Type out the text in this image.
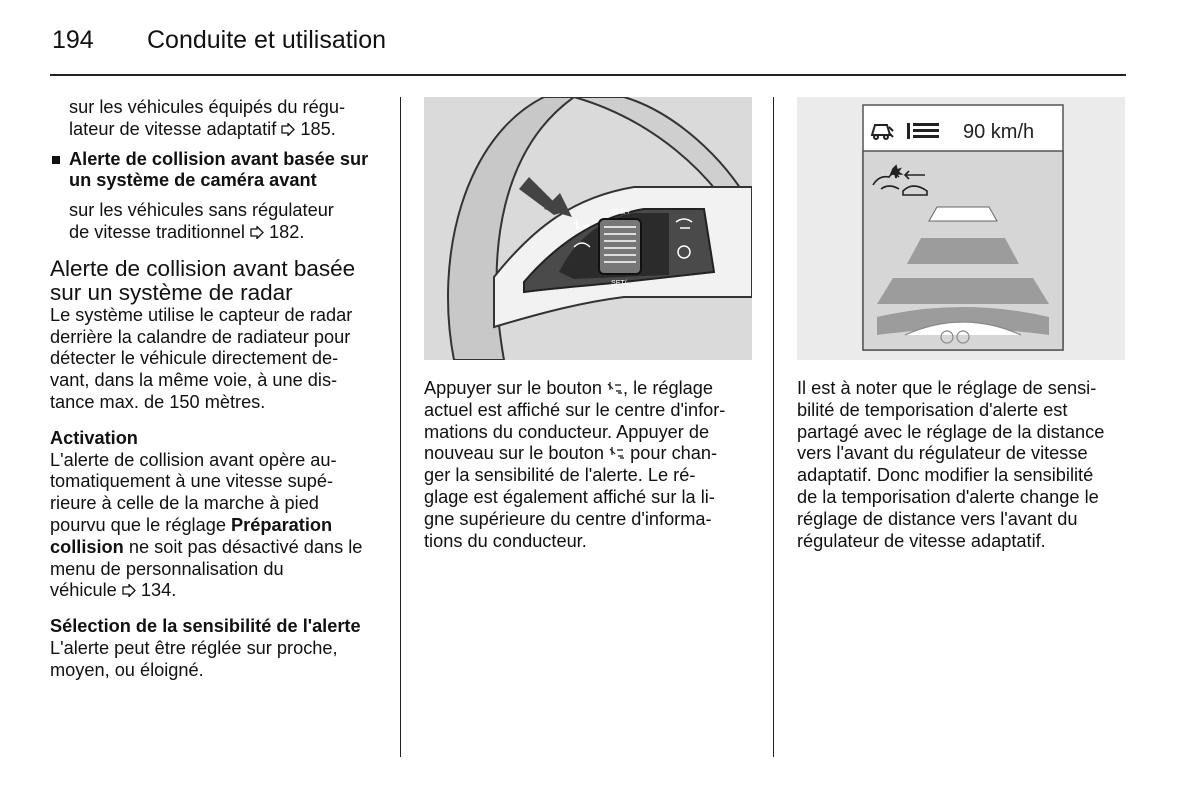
194 Conduite et utilisation

sur les véhicules équipés du régu-

lateur de vitesse adaptatif 185.

Alerte de collision avant basée sur
un système de caméra avant

sur les véhicules sans régulateur

de vitesse traditionnel 182.

Alerte de collision avant basée
sur un système de radar

Le système utilise le capteur de radar

derrière la calandre de radiateur pour

détecter le véhicule directement de-

vant, dans la même voie, à une dis-

tance max. de 150 mètres.

Activation

L'alerte de collision avant opère au-

tomatiquement à une vitesse supé-

rieure à celle de la marche à pied

pourvu que le réglage Préparation

collision ne soit pas désactivé dans le

menu de personnalisation du

véhicule 134.

Sélection de la sensibilité de l'alerte

L'alerte peut être réglée sur proche,

moyen, ou éloigné.

RES/+
SET/-

Appuyer sur le bouton , le réglage

actuel est affiché sur le centre d'infor-

mations du conducteur. Appuyer de

nouveau sur le bouton pour chan-

ger la sensibilité de l'alerte. Le ré-

glage est également affiché sur la li-

gne supérieure du centre d'informa-

tions du conducteur.

90 km/h

Il est à noter que le réglage de sensi-

bilité de temporisation d'alerte est

partagé avec le réglage de la distance

vers l'avant du régulateur de vitesse

adaptatif. Donc modifier la sensibilité

de la temporisation d'alerte change le

réglage de distance vers l'avant du

régulateur de vitesse adaptatif.
